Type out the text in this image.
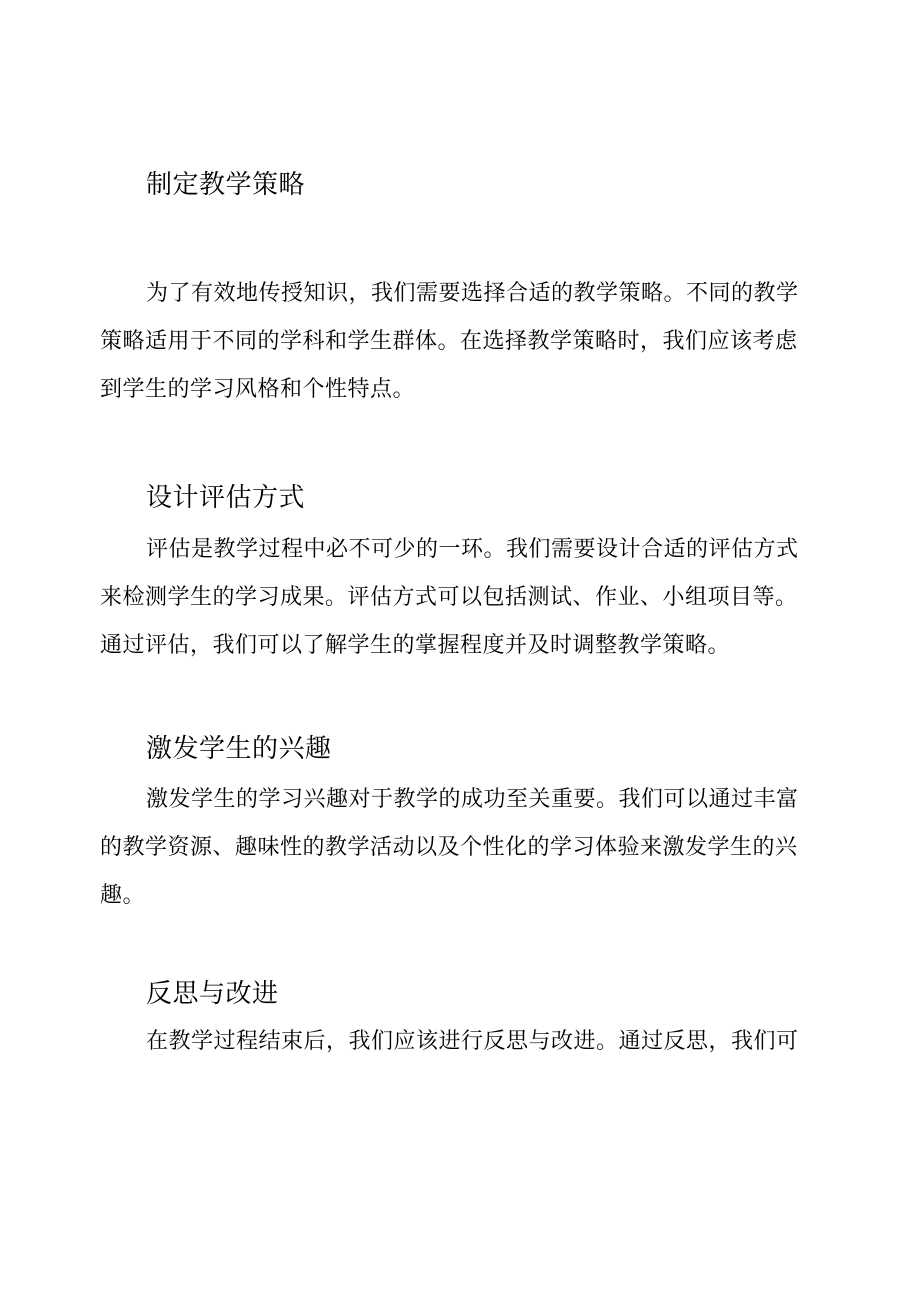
制定教学策略

为了有效地传授知识，我们需要选择合适的教学策略。不同的教学
策略适用于不同的学科和学生群体。在选择教学策略时，我们应该考虑
到学生的学习风格和个性特点。

设计评估方式

评估是教学过程中必不可少的一环。我们需要设计合适的评估方式
来检测学生的学习成果。评估方式可以包括测试、作业、小组项目等。
通过评估，我们可以了解学生的掌握程度并及时调整教学策略。

激发学生的兴趣

激发学生的学习兴趣对于教学的成功至关重要。我们可以通过丰富
的教学资源、趣味性的教学活动以及个性化的学习体验来激发学生的兴
趣。

反思与改进

在教学过程结束后，我们应该进行反思与改进。通过反思，我们可
